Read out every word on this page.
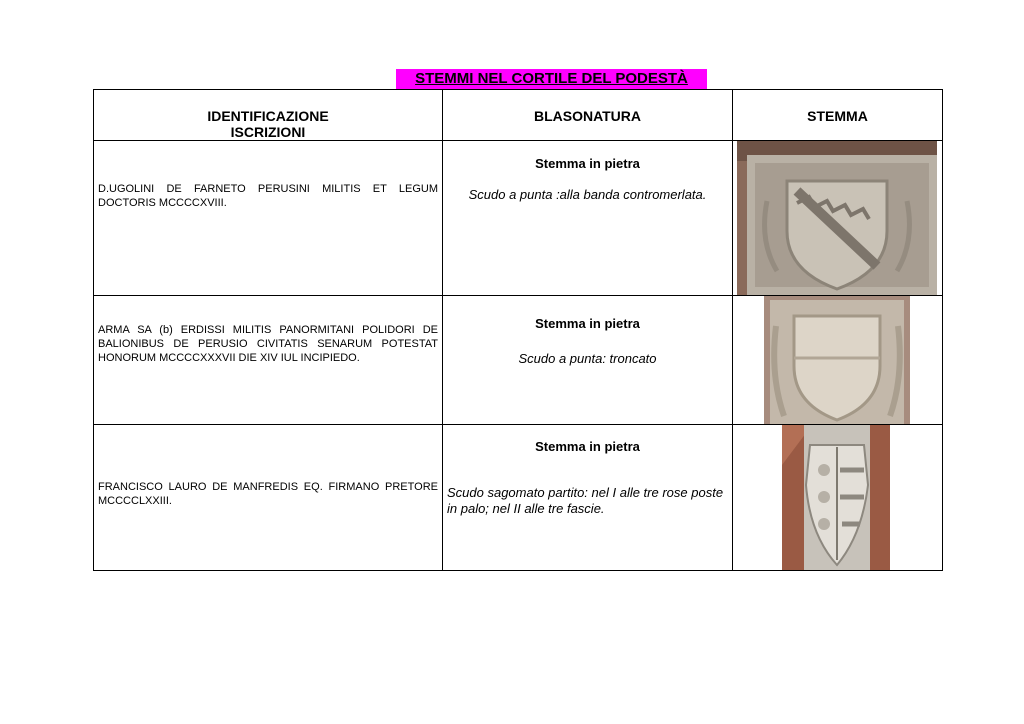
STEMMI NEL CORTILE DEL PODESTÀ
IDENTIFICAZIONE
ISCRIZIONI	BLASONATURA	STEMMA

D.UGOLINI DE FARNETO PERUSINI MILITIS ET LEGUM DOCTORIS MCCCCXVIII.	Stemma in pietra
Scudo a punta :alla banda contromerlata.

ARMA SA (b) ERDISSI MILITIS PANORMITANI POLIDORI DE BALIONIBUS DE PERUSIO CIVITATIS SENARUM POTESTAT HONORUM MCCCCXXXVII DIE XIV IUL INCIPIEDO.	Stemma in pietra
Scudo a punta: troncato

FRANCISCO LAURO DE MANFREDIS EQ. FIRMANO PRETORE MCCCCLXXIII.	Stemma in pietra
Scudo sagomato partito: nel I alle tre rose poste in palo; nel II alle tre fascie.
